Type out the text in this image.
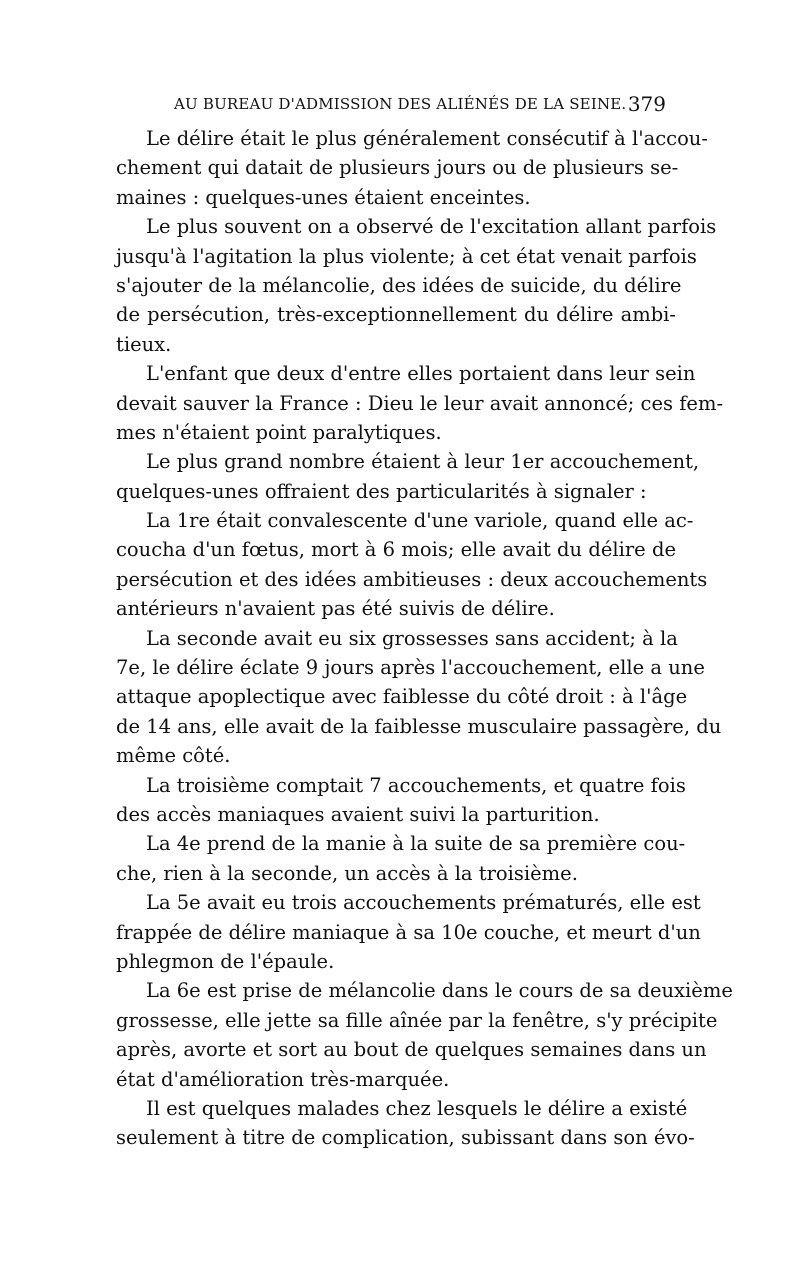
AU BUREAU D'ADMISSION DES ALIÉNÉS DE LA SEINE. 379
Le délire était le plus généralement consécutif à l'accou-
chement qui datait de plusieurs jours ou de plusieurs se-
maines : quelques-unes étaient enceintes.
Le plus souvent on a observé de l'excitation allant parfois
jusqu'à l'agitation la plus violente; à cet état venait parfois
s'ajouter de la mélancolie, des idées de suicide, du délire
de persécution, très-exceptionnellement du délire ambi-
tieux.
L'enfant que deux d'entre elles portaient dans leur sein
devait sauver la France : Dieu le leur avait annoncé; ces fem-
mes n'étaient point paralytiques.
Le plus grand nombre étaient à leur 1er accouchement,
quelques-unes offraient des particularités à signaler :
La 1re était convalescente d'une variole, quand elle ac-
coucha d'un fœtus, mort à 6 mois; elle avait du délire de
persécution et des idées ambitieuses : deux accouchements
antérieurs n'avaient pas été suivis de délire.
La seconde avait eu six grossesses sans accident; à la
7e, le délire éclate 9 jours après l'accouchement, elle a une
attaque apoplectique avec faiblesse du côté droit : à l'âge
de 14 ans, elle avait de la faiblesse musculaire passagère, du
même côté.
La troisième comptait 7 accouchements, et quatre fois
des accès maniaques avaient suivi la parturition.
La 4e prend de la manie à la suite de sa première cou-
che, rien à la seconde, un accès à la troisième.
La 5e avait eu trois accouchements prématurés, elle est
frappée de délire maniaque à sa 10e couche, et meurt d'un
phlegmon de l'épaule.
La 6e est prise de mélancolie dans le cours de sa deuxième
grossesse, elle jette sa fille aînée par la fenêtre, s'y précipite
après, avorte et sort au bout de quelques semaines dans un
état d'amélioration très-marquée.
Il est quelques malades chez lesquels le délire a existé
seulement à titre de complication, subissant dans son évo-
